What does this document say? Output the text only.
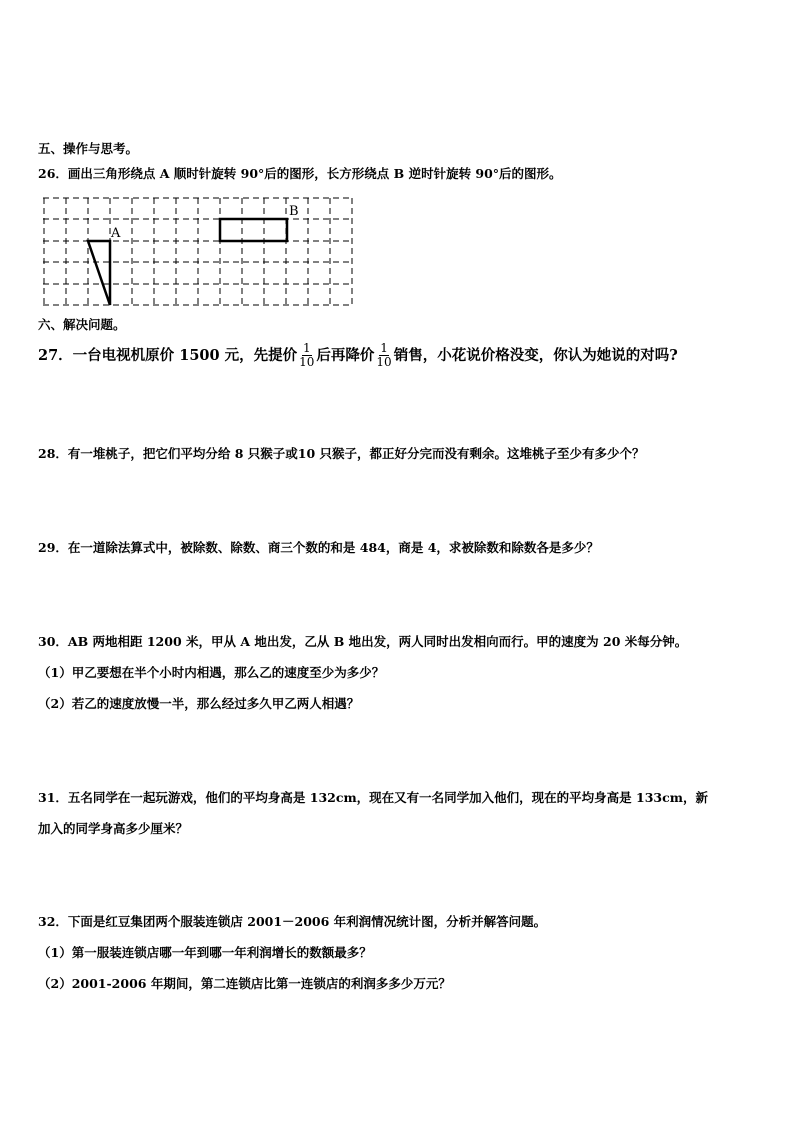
五、操作与思考。
26．画出三角形绕点 A 顺时针旋转 90°后的图形，长方形绕点 B 逆时针旋转 90°后的图形。
A
B
六、解决问题。
27．一台电视机原价 1500 元，先提价 $\frac{1}{10}$ 后再降价 $\frac{1}{10}$ 销售，小花说价格没变，你认为她说的对吗?
28．有一堆桃子，把它们平均分给 8 只猴子或10 只猴子，都正好分完而没有剩余。这堆桃子至少有多少个？
29．在一道除法算式中，被除数、除数、商三个数的和是 484，商是 4，求被除数和除数各是多少？
30．AB 两地相距 1200 米，甲从 A 地出发，乙从 B 地出发，两人同时出发相向而行。甲的速度为 20 米每分钟。
（1）甲乙要想在半个小时内相遇，那么乙的速度至少为多少？
（2）若乙的速度放慢一半，那么经过多久甲乙两人相遇？
31．五名同学在一起玩游戏，他们的平均身高是 132cm，现在又有一名同学加入他们，现在的平均身高是 133cm，新
加入的同学身高多少厘米？
32．下面是红豆集团两个服装连锁店 2001－2006 年利润情况统计图，分析并解答问题。
（1）第一服装连锁店哪一年到哪一年利润增长的数额最多？
（2）2001-2006 年期间，第二连锁店比第一连锁店的利润多多少万元？
